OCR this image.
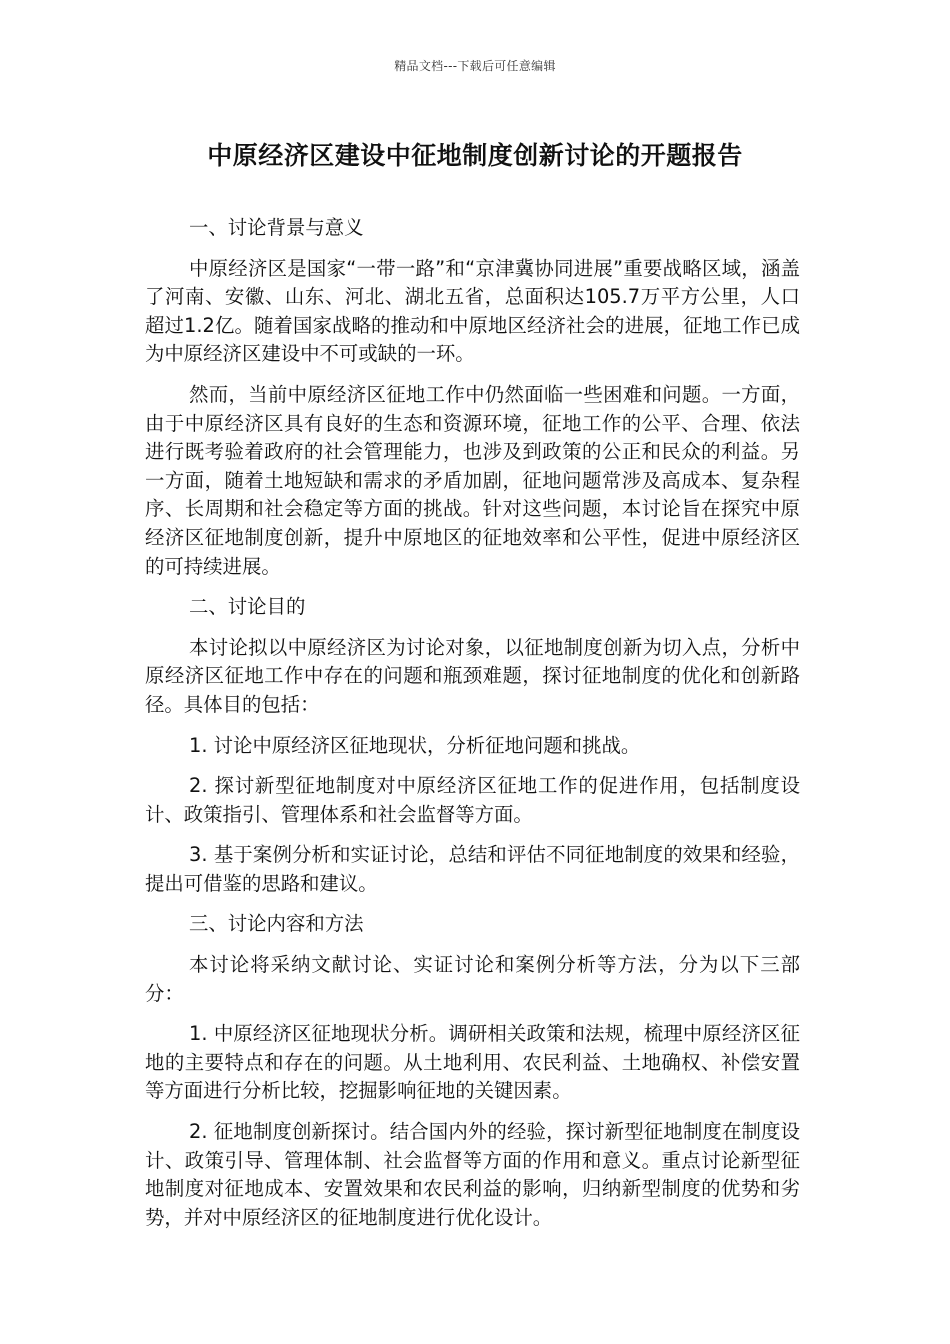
精品文档---下载后可任意编辑
中原经济区建设中征地制度创新讨论的开题报告

一、讨论背景与意义

中原经济区是国家“一带一路”和“京津冀协同进展”重要战略区域，涵盖了河南、安徽、山东、河北、湖北五省，总面积达105.7万平方公里，人口超过1.2亿。随着国家战略的推动和中原地区经济社会的进展，征地工作已成为中原经济区建设中不可或缺的一环。

然而，当前中原经济区征地工作中仍然面临一些困难和问题。一方面，由于中原经济区具有良好的生态和资源环境，征地工作的公平、合理、依法进行既考验着政府的社会管理能力，也涉及到政策的公正和民众的利益。另一方面，随着土地短缺和需求的矛盾加剧，征地问题常涉及高成本、复杂程序、长周期和社会稳定等方面的挑战。针对这些问题，本讨论旨在探究中原经济区征地制度创新，提升中原地区的征地效率和公平性，促进中原经济区的可持续进展。

二、讨论目的

本讨论拟以中原经济区为讨论对象，以征地制度创新为切入点，分析中原经济区征地工作中存在的问题和瓶颈难题，探讨征地制度的优化和创新路径。具体目的包括：

1. 讨论中原经济区征地现状，分析征地问题和挑战。

2. 探讨新型征地制度对中原经济区征地工作的促进作用，包括制度设计、政策指引、管理体系和社会监督等方面。

3. 基于案例分析和实证讨论，总结和评估不同征地制度的效果和经验，提出可借鉴的思路和建议。

三、讨论内容和方法

本讨论将采纳文献讨论、实证讨论和案例分析等方法，分为以下三部分：

1. 中原经济区征地现状分析。调研相关政策和法规，梳理中原经济区征地的主要特点和存在的问题。从土地利用、农民利益、土地确权、补偿安置等方面进行分析比较，挖掘影响征地的关键因素。

2. 征地制度创新探讨。结合国内外的经验，探讨新型征地制度在制度设计、政策引导、管理体制、社会监督等方面的作用和意义。重点讨论新型征地制度对征地成本、安置效果和农民利益的影响，归纳新型制度的优势和劣势，并对中原经济区的征地制度进行优化设计。
